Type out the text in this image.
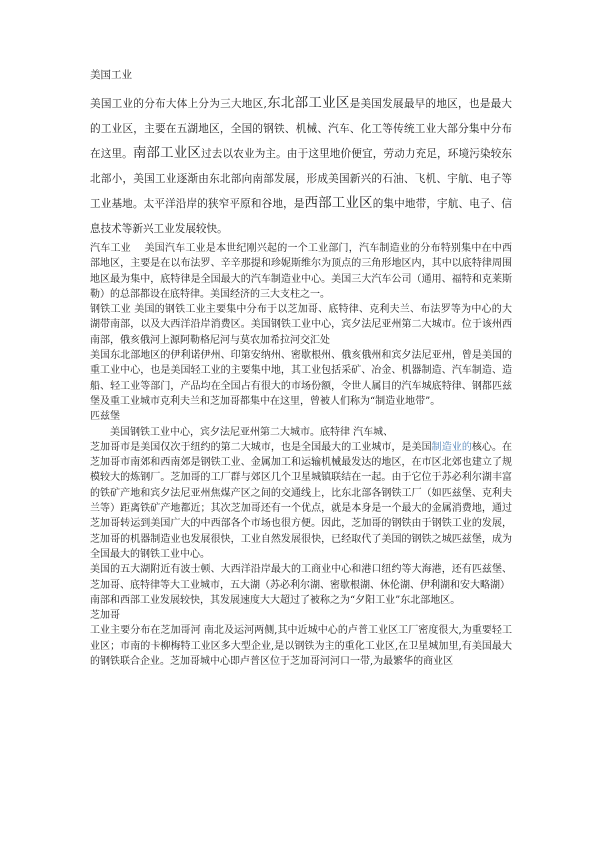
美国工业

美国工业的分布大体上分为三大地区,东北部工业区是美国发展最早的地区，也是最大的工业区，主要在五湖地区，全国的钢铁、机械、汽车、化工等传统工业大部分集中分布在这里。南部工业区过去以农业为主。由于这里地价便宜，劳动力充足，环境污染较东北部小，美国工业逐渐由东北部向南部发展，形成美国新兴的石油、飞机、宇航、电子等工业基地。太平洋沿岸的狭窄平原和谷地，是西部工业区的集中地带，宇航、电子、信息技术等新兴工业发展较快。

汽车工业　 美国汽车工业是本世纪刚兴起的一个工业部门，汽车制造业的分布特别集中在中西部地区，主要是在以布法罗、辛辛那提和珍妮斯维尔为顶点的三角形地区内，其中以底特律周围地区最为集中，底特律是全国最大的汽车制造业中心。美国三大汽车公司（通用、福特和克莱斯勒）的总部都设在底特律。美国经济的三大支柱之一。

钢铁工业 美国的钢铁工业主要集中分布于以芝加哥、底特律、克利夫兰、布法罗等为中心的大湖带南部，以及大西洋沿岸消费区。美国钢铁工业中心，宾夕法尼亚州第二大城市。位于该州西南部，俄亥俄河上源阿勒格尼河与莫农加希拉河交汇处

美国东北部地区的伊利诺伊州、印第安纳州、密歇根州、俄亥俄州和宾夕法尼亚州，曾是美国的重工业中心，也是美国轻工业的主要集中地，其工业包括采矿、冶金、机器制造、汽车制造、造船、轻工业等部门，产品均在全国占有很大的市场份额，令世人属目的汽车城底特律、钢都匹兹堡及重工业城市克利夫兰和芝加哥都集中在这里，曾被人们称为“制造业地带”。

匹兹堡

美国钢铁工业中心，宾夕法尼亚州第二大城市。底特律 汽车城、

芝加哥市是美国仅次于纽约的第二大城市，也是全国最大的工业城市，是美国制造业的核心。在芝加哥市南郊和西南郊是钢铁工业、金属加工和运输机械最发达的地区，在市区北郊也建立了规模较大的炼钢厂。芝加哥的工厂群与郊区几个卫星城镇联结在一起。由于它位于苏必利尔湖丰富的铁矿产地和宾夕法尼亚州焦煤产区之间的交通线上，比东北部各钢铁工厂（如匹兹堡、克利夫兰等）距离铁矿产地都近；其次芝加哥还有一个优点，就是本身是一个最大的金属消费地，通过芝加哥转运到美国广大的中西部各个市场也很方便。因此，芝加哥的钢铁由于钢铁工业的发展，芝加哥的机器制造业也发展很快，工业自然发展很快，已经取代了美国的钢铁之城匹兹堡，成为全国最大的钢铁工业中心。

美国的五大湖附近有波士顿、大西洋沿岸最大的工商业中心和港口纽约等大海港，还有匹兹堡、芝加哥、底特律等大工业城市，五大湖（苏必利尔湖、密歇根湖、休伦湖、伊利湖和安大略湖）

南部和西部工业发展较快，其发展速度大大超过了被称之为“夕阳工业”东北部地区。

芝加哥

工业主要分布在芝加哥河 南北及运河两侧,其中近城中心的卢普工业区工厂密度很大,为重要轻工业区；市南的卡柳梅特工业区多大型企业,是以钢铁为主的重化工业区,在卫星城加里,有美国最大的钢铁联合企业。芝加哥城中心即卢普区位于芝加哥河河口一带,为最繁华的商业区
